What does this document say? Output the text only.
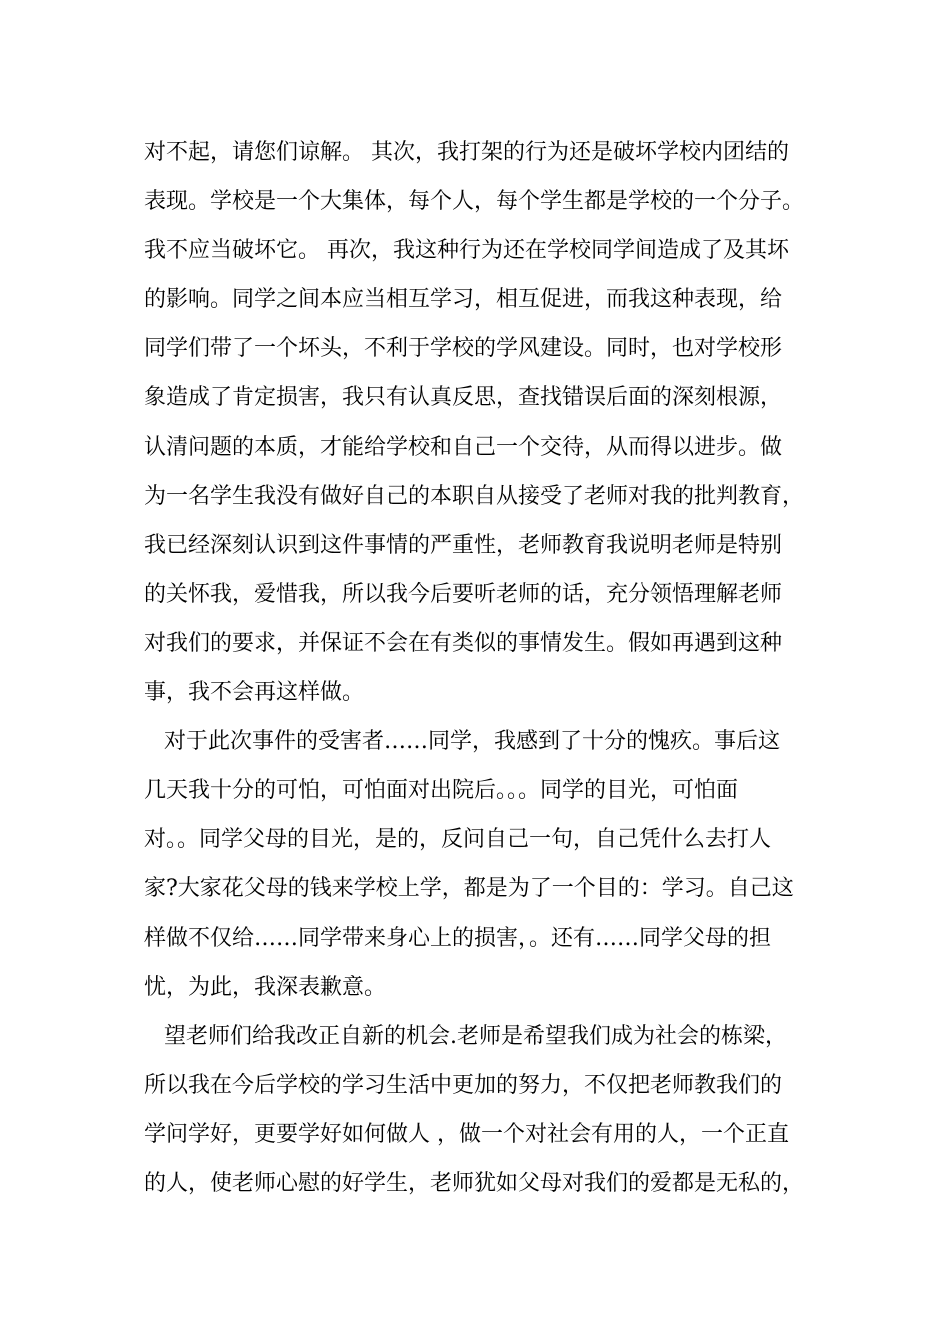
对不起，请您们谅解。 其次，我打架的行为还是破坏学校内团结的
表现。学校是一个大集体，每个人，每个学生都是学校的一个分子。
我不应当破坏它。 再次，我这种行为还在学校同学间造成了及其坏
的影响。同学之间本应当相互学习，相互促进，而我这种表现，给
同学们带了一个坏头，不利于学校的学风建设。同时，也对学校形
象造成了肯定损害，我只有认真反思，查找错误后面的深刻根源，
认清问题的本质，才能给学校和自己一个交待，从而得以进步。做
为一名学生我没有做好自己的本职自从接受了老师对我的批判教育，
我已经深刻认识到这件事情的严重性，老师教育我说明老师是特别
的关怀我，爱惜我，所以我今后要听老师的话，充分领悟理解老师
对我们的要求，并保证不会在有类似的事情发生。假如再遇到这种
事，我不会再这样做。
对于此次事件的受害者……同学，我感到了十分的愧疚。事后这
几天我十分的可怕，可怕面对出院后。。。同学的目光，可怕面
对。。同学父母的目光，是的，反问自己一句，自己凭什么去打人
家?大家花父母的钱来学校上学，都是为了一个目的：学习。自己这
样做不仅给……同学带来身心上的损害，。还有……同学父母的担
忧，为此，我深表歉意。
望老师们给我改正自新的机会.老师是希望我们成为社会的栋梁，
所以我在今后学校的学习生活中更加的努力，不仅把老师教我们的
学问学好，更要学好如何做人 ，做一个对社会有用的人，一个正直
的人，使老师心慰的好学生，老师犹如父母对我们的爱都是无私的，
